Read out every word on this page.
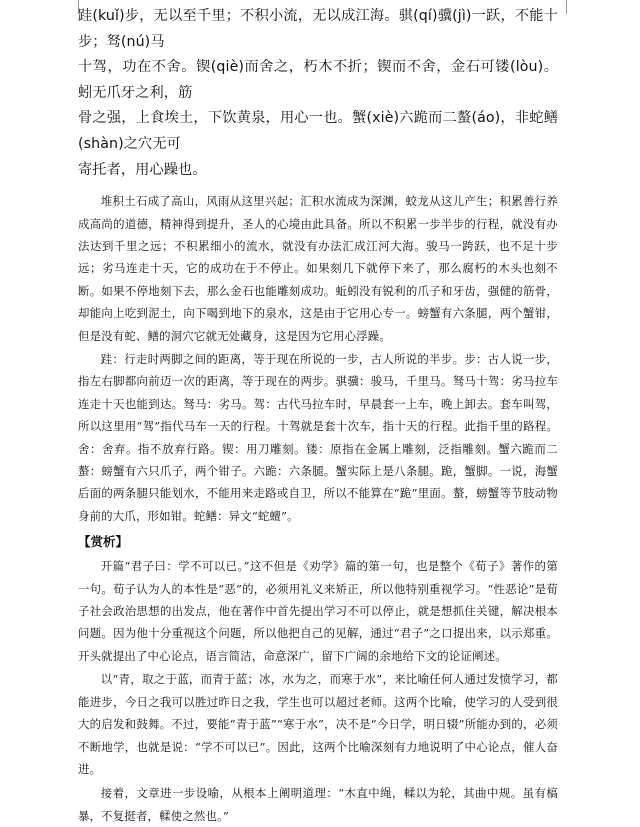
跬(kuǐ)步，无以至千里；不积小流，无以成江海。骐(qí)骥(jì)一跃，不能十步；驽(nú)马

十驾，功在不舍。锲(qiè)而舍之，朽木不折；锲而不舍，金石可镂(lòu)。蚓无爪牙之利，筋

骨之强，上食埃土，下饮黄泉，用心一也。蟹(xiè)六跪而二螯(áo)，非蛇鳝(shàn)之穴无可

寄托者，用心躁也。

堆积土石成了高山，风雨从这里兴起；汇积水流成为深渊，蛟龙从这儿产生；积累善行养成高尚的道德，精神得到提升，圣人的心境由此具备。所以不积累一步半步的行程，就没有办法达到千里之远；不积累细小的流水，就没有办法汇成江河大海。骏马一跨跃，也不足十步远；劣马连走十天，它的成功在于不停止。如果刻几下就停下来了，那么腐朽的木头也刻不断。如果不停地刻下去，那么金石也能雕刻成功。蚯蚓没有锐利的爪子和牙齿，强健的筋骨，却能向上吃到泥土，向下喝到地下的泉水，这是由于它用心专一。螃蟹有六条腿，两个蟹钳，但是没有蛇、鳝的洞穴它就无处藏身，这是因为它用心浮躁。

跬：行走时两脚之间的距离，等于现在所说的一步，古人所说的半步。步：古人说一步，指左右脚都向前迈一次的距离，等于现在的两步。骐骥：骏马，千里马。驽马十驾：劣马拉车连走十天也能到达。驽马：劣马。驾：古代马拉车时，早晨套一上车，晚上卸去。套车叫驾，所以这里用“驾”指代马车一天的行程。十驾就是套十次车，指十天的行程。此指千里的路程。舍：舍弃。指不放弃行路。锲：用刀雕刻。镂：原指在金属上雕刻，泛指雕刻。蟹六跪而二螯：螃蟹有六只爪子，两个钳子。六跪：六条腿。蟹实际上是八条腿。跪，蟹脚。一说，海蟹后面的两条腿只能划水，不能用来走路或自卫，所以不能算在“跪”里面。螯，螃蟹等节肢动物身前的大爪，形如钳。蛇鳝：异文“蛇蟺”。

【赏析】

开篇“君子曰：学不可以已。”这不但是《劝学》篇的第一句，也是整个《荀子》著作的第一句。荀子认为人的本性是“恶”的，必须用礼义来矫正，所以他特别重视学习。“性恶论”是荀子社会政治思想的出发点，他在著作中首先提出学习不可以停止，就是想抓住关键，解决根本问题。因为他十分重视这个问题，所以他把自己的见解，通过“君子”之口提出来，以示郑重。开头就提出了中心论点，语言简洁，命意深广，留下广阔的余地给下文的论证阐述。

以“青，取之于蓝，而青于蓝；冰，水为之，而寒于水”，来比喻任何人通过发愤学习，都能进步，今日之我可以胜过昨日之我，学生也可以超过老师。这两个比喻，使学习的人受到很大的启发和鼓舞。不过，要能“青于蓝”“寒于水”，决不是“今日学，明日辍”所能办到的，必须不断地学，也就是说：“学不可以已”。因此，这两个比喻深刻有力地说明了中心论点，催人奋进。

接着，文章进一步设喻，从根本上阐明道理：“木直中绳，輮以为轮，其曲中规。虽有槁暴，不复挺者，輮使之然也。”
